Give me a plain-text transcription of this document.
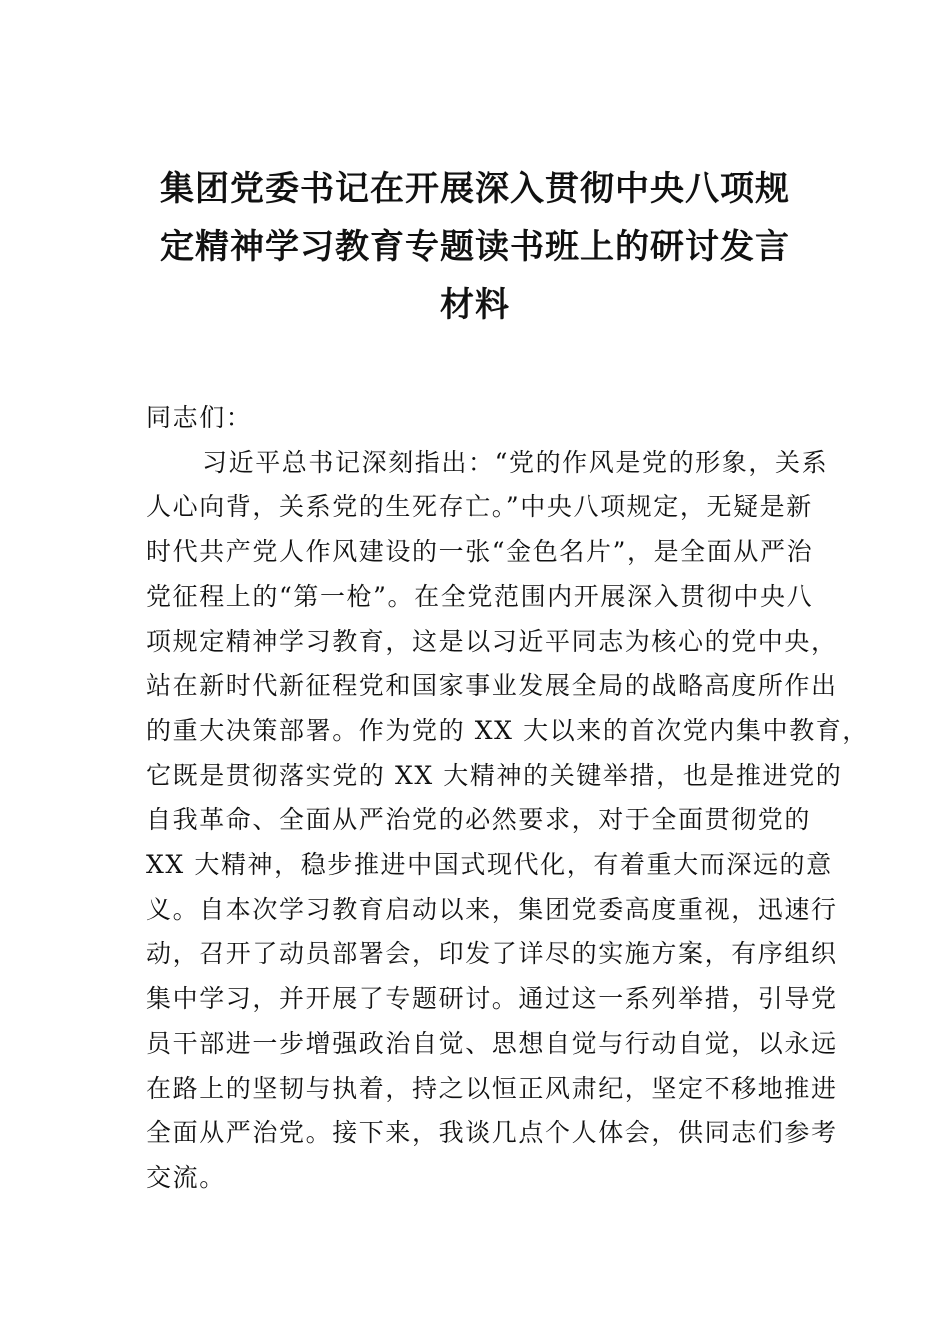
集团党委书记在开展深入贯彻中央八项规
定精神学习教育专题读书班上的研讨发言
材料
同志们：
习近平总书记深刻指出：“党的作风是党的形象，关系
人心向背，关系党的生死存亡。”中央八项规定，无疑是新
时代共产党人作风建设的一张“金色名片”，是全面从严治
党征程上的“第一枪”。在全党范围内开展深入贯彻中央八
项规定精神学习教育，这是以习近平同志为核心的党中央，
站在新时代新征程党和国家事业发展全局的战略高度所作出
的重大决策部署。作为党的 XX 大以来的首次党内集中教育，
它既是贯彻落实党的 XX 大精神的关键举措，也是推进党的
自我革命、全面从严治党的必然要求，对于全面贯彻党的
XX 大精神，稳步推进中国式现代化，有着重大而深远的意
义。自本次学习教育启动以来，集团党委高度重视，迅速行
动，召开了动员部署会，印发了详尽的实施方案，有序组织
集中学习，并开展了专题研讨。通过这一系列举措，引导党
员干部进一步增强政治自觉、思想自觉与行动自觉，以永远
在路上的坚韧与执着，持之以恒正风肃纪，坚定不移地推进
全面从严治党。接下来，我谈几点个人体会，供同志们参考
交流。
